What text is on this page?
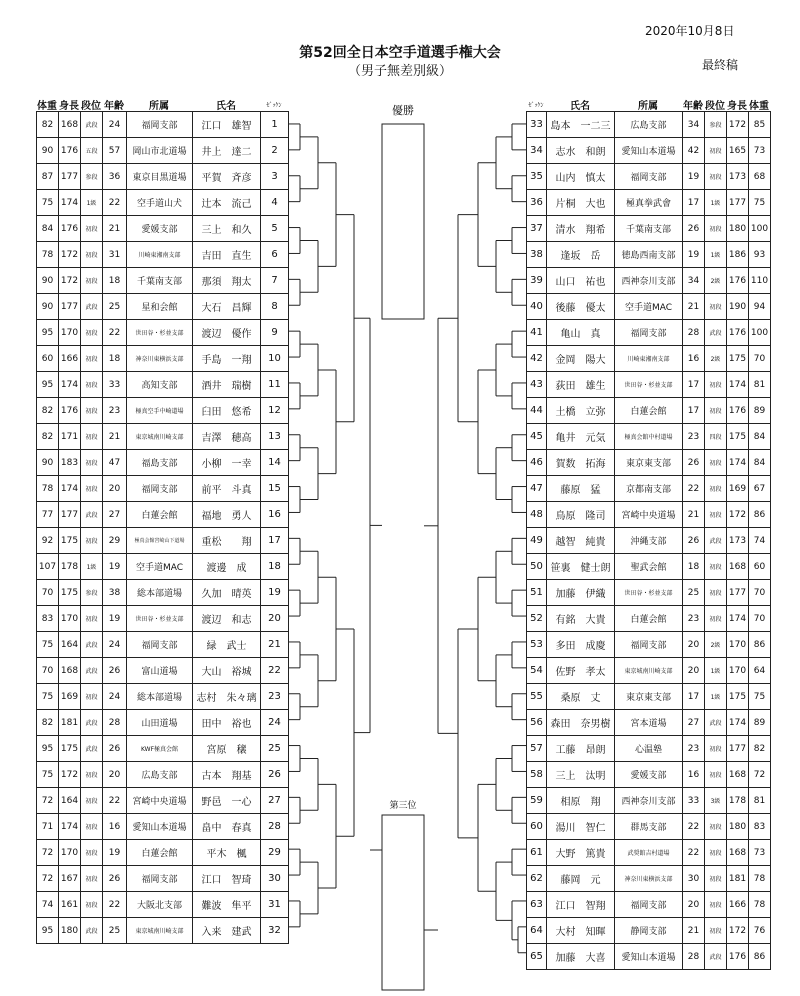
2020年10月8日
第52回全日本空手道選手権大会
（男子無差別級）	最終稿
体重 身長 段位 年齢	所属	氏名	ｾﾞｯｹﾝ	ｾﾞｯｹﾝ	氏名	所属	年齢 段位 身長 体重
82	168	武段	24	福岡支部	江口　雄智	1
90	176	五段	57	岡山市北道場	井上　達二	2
87	177	参段	36	東京目黒道場	平賀　斉彦	3
75	174	1級	22	空手道山犬	辻本　流己	4
84	176	初段	21	愛媛支部	三上　和久	5
78	172	初段	31	川崎東湘南支部	吉田　直生	6
90	172	初段	18	千葉南支部	那須　翔太	7
90	177	武段	25	星和会館	大石　昌輝	8
95	170	初段	22	世田谷・杉並支部	渡辺　優作	9
60	166	初段	18	神奈川東横浜支部	手島　一翔	10
95	174	初段	33	高知支部	酒井　瑞樹	11
82	176	初段	23	極真空手中崎道場	臼田　悠希	12
82	171	初段	21	東京城南川崎支部	吉澤　穂高	13
90	183	初段	47	福島支部	小柳　一幸	14
78	174	初段	20	福岡支部	前平　斗真	15
77	177	武段	27	白蓮会館	福地　勇人	16
92	175	初段	29	極真会館宮崎山下道場	重松　　翔	17
107	178	1級	19	空手道MAC	渡邊　成	18
70	175	参段	38	総本部道場	久加　晴英	19
83	170	初段	19	世田谷・杉並支部	渡辺　和志	20
75	164	武段	24	福岡支部	緑　武士	21
70	168	武段	26	富山道場	大山　裕城	22
75	169	初段	24	総本部道場	志村　朱々璃	23
82	181	武段	28	山田道場	田中　裕也	24
95	175	武段	26	KWF極真会館	宮原　穣	25
75	172	初段	20	広島支部	古本　翔基	26
72	164	初段	22	宮崎中央道場	野邑　一心	27
71	174	初段	16	愛知山本道場	畠中　春真	28
72	170	初段	19	白蓮会館	平木　楓	29
72	167	初段	26	福岡支部	江口　智琦	30
74	161	初段	22	大阪北支部	難波　隼平	31
95	180	武段	25	東京城南川崎支部	入来　建武	32
33	島本　一二三	広島支部	34	参段	172	85
34	志水　和朗	愛知山本道場	42	初段	165	73
35	山内　慎太	福岡支部	19	初段	173	68
36	片桐　大也	極真拳武會	17	1級	177	75
37	清水　翔希	千葉南支部	26	初段	180	100
38	逢坂　岳	徳島西南支部	19	1級	186	93
39	山口　祐也	西神奈川支部	34	2級	176	110
40	後藤　優太	空手道MAC	21	初段	190	94
41	亀山　真	福岡支部	28	武段	176	100
42	金岡　陽大	川崎東湘南支部	16	2級	175	70
43	荻田　雄生	世田谷・杉並支部	17	初段	174	81
44	土橋　立弥	白蓮会館	17	初段	176	89
45	亀井　元気	極真会館中村道場	23	四段	175	84
46	賀数　拓海	東京東支部	26	初段	174	84
47	藤原　猛	京都南支部	22	初段	169	67
48	鳥原　隆司	宮崎中央道場	21	初段	172	86
49	越智　純貴	沖縄支部	26	武段	173	74
50	笹裏　健士朗	聖武会館	18	初段	168	60
51	加藤　伊織	世田谷・杉並支部	25	初段	177	70
52	有銘　大貴	白蓮会館	23	初段	174	70
53	多田　成慶	福岡支部	20	2級	170	86
54	佐野　孝太	東京城南川崎支部	20	1級	170	64
55	桑原　丈	東京東支部	17	1級	175	75
56	森田　奈男樹	宮本道場	27	武段	174	89
57	工藤　昂朗	心温塾	23	初段	177	82
58	三上　汰明	愛媛支部	16	初段	168	72
59	相原　翔	西神奈川支部	33	3級	178	81
60	湯川　智仁	群馬支部	22	初段	180	83
61	大野　篤貴	武奨館吉村道場	22	初段	168	73
62	藤岡　元	神奈川東横浜支部	30	初段	181	78
63	江口　智翔	福岡支部	20	初段	166	78
64	大村　知暉	静岡支部	21	初段	172	76
65	加藤　大喜	愛知山本道場	28	武段	176	86
優勝
第三位
